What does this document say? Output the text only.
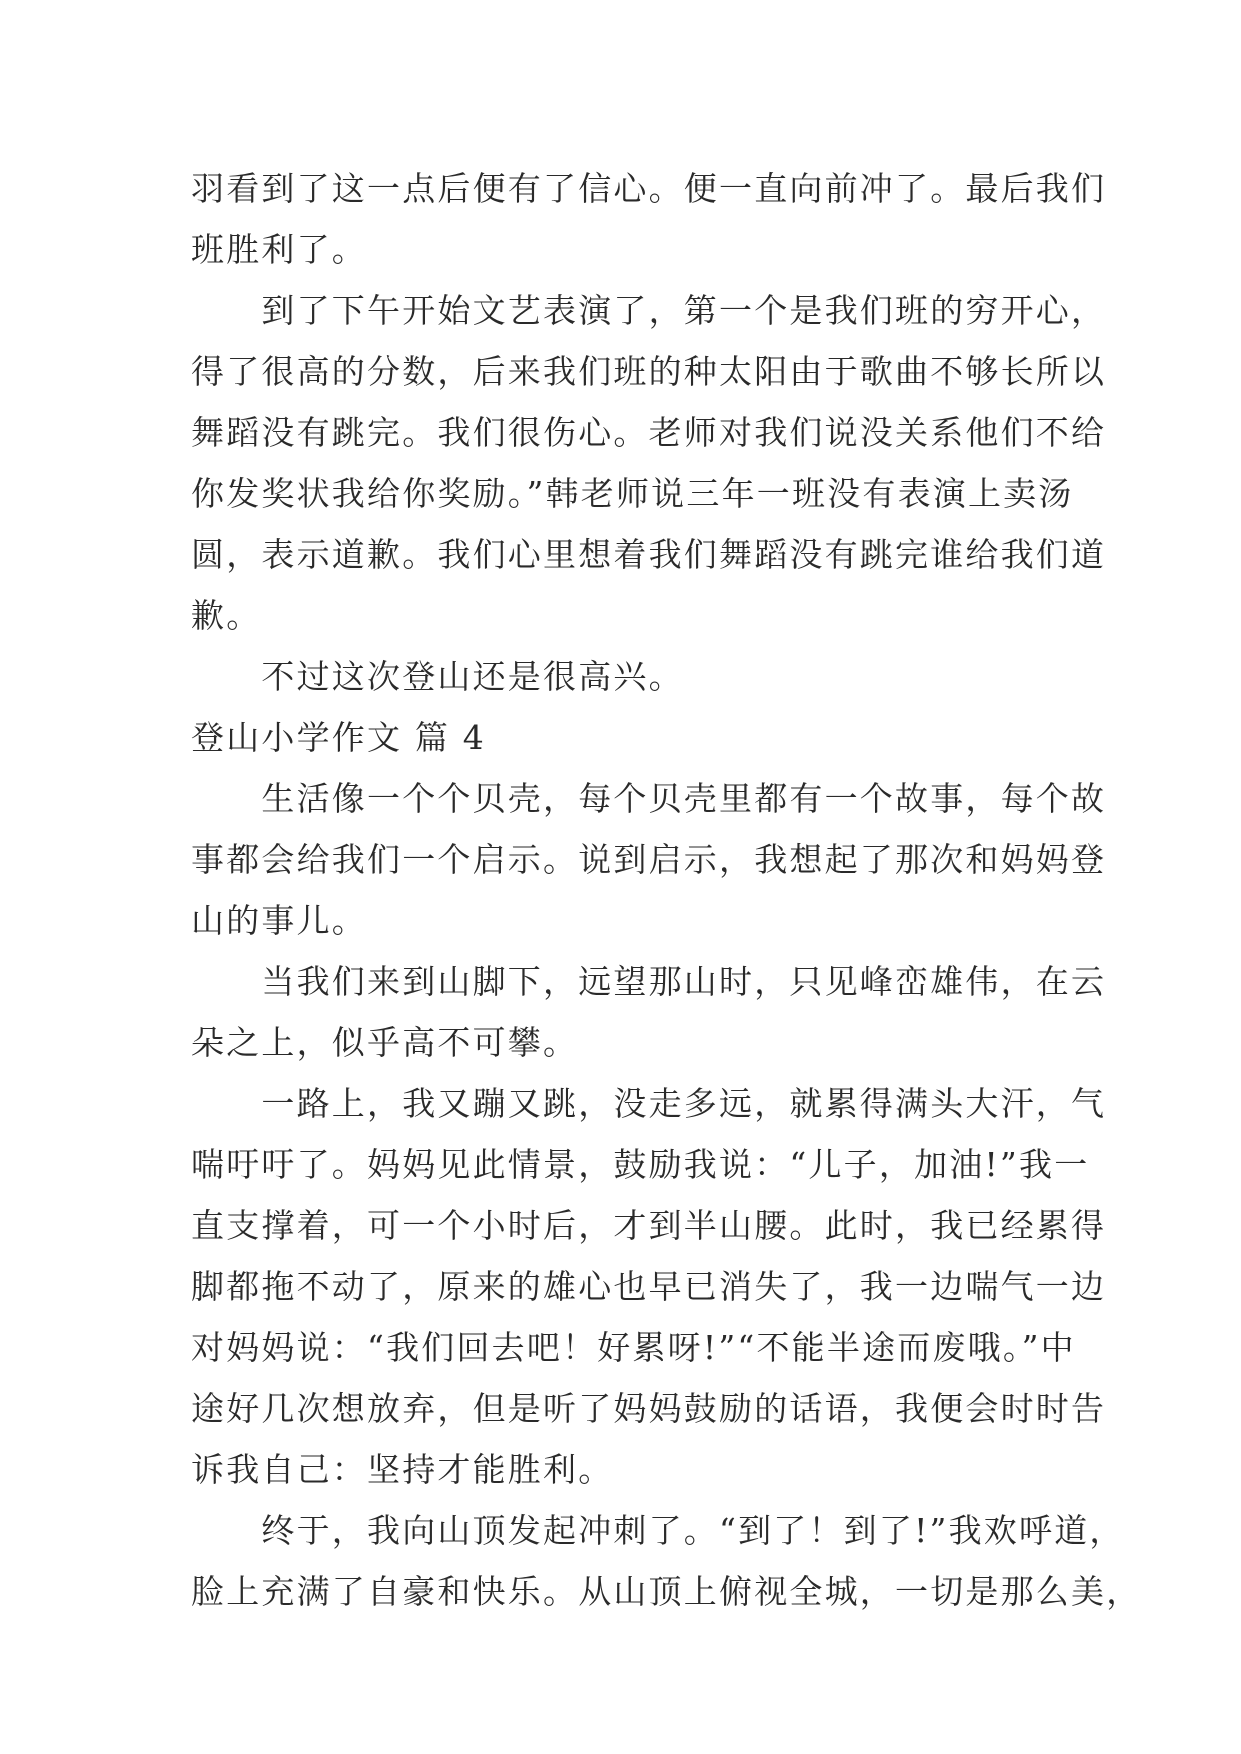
羽看到了这一点后便有了信心。便一直向前冲了。最后我们
班胜利了。
　　到了下午开始文艺表演了，第一个是我们班的穷开心，
得了很高的分数，后来我们班的种太阳由于歌曲不够长所以
舞蹈没有跳完。我们很伤心。老师对我们说没关系他们不给
你发奖状我给你奖励。”韩老师说三年一班没有表演上卖汤
圆，表示道歉。我们心里想着我们舞蹈没有跳完谁给我们道
歉。
　　不过这次登山还是很高兴。
登山小学作文 篇 4
　　生活像一个个贝壳，每个贝壳里都有一个故事，每个故
事都会给我们一个启示。说到启示，我想起了那次和妈妈登
山的事儿。
　　当我们来到山脚下，远望那山时，只见峰峦雄伟，在云
朵之上，似乎高不可攀。
　　一路上，我又蹦又跳，没走多远，就累得满头大汗，气
喘吁吁了。妈妈见此情景，鼓励我说：“儿子，加油!”我一
直支撑着，可一个小时后，才到半山腰。此时，我已经累得
脚都拖不动了，原来的雄心也早已消失了，我一边喘气一边
对妈妈说：“我们回去吧！好累呀!”“不能半途而废哦。”中
途好几次想放弃，但是听了妈妈鼓励的话语，我便会时时告
诉我自己：坚持才能胜利。
　　终于，我向山顶发起冲刺了。“到了！到了!”我欢呼道，
脸上充满了自豪和快乐。从山顶上俯视全城，一切是那么美，
